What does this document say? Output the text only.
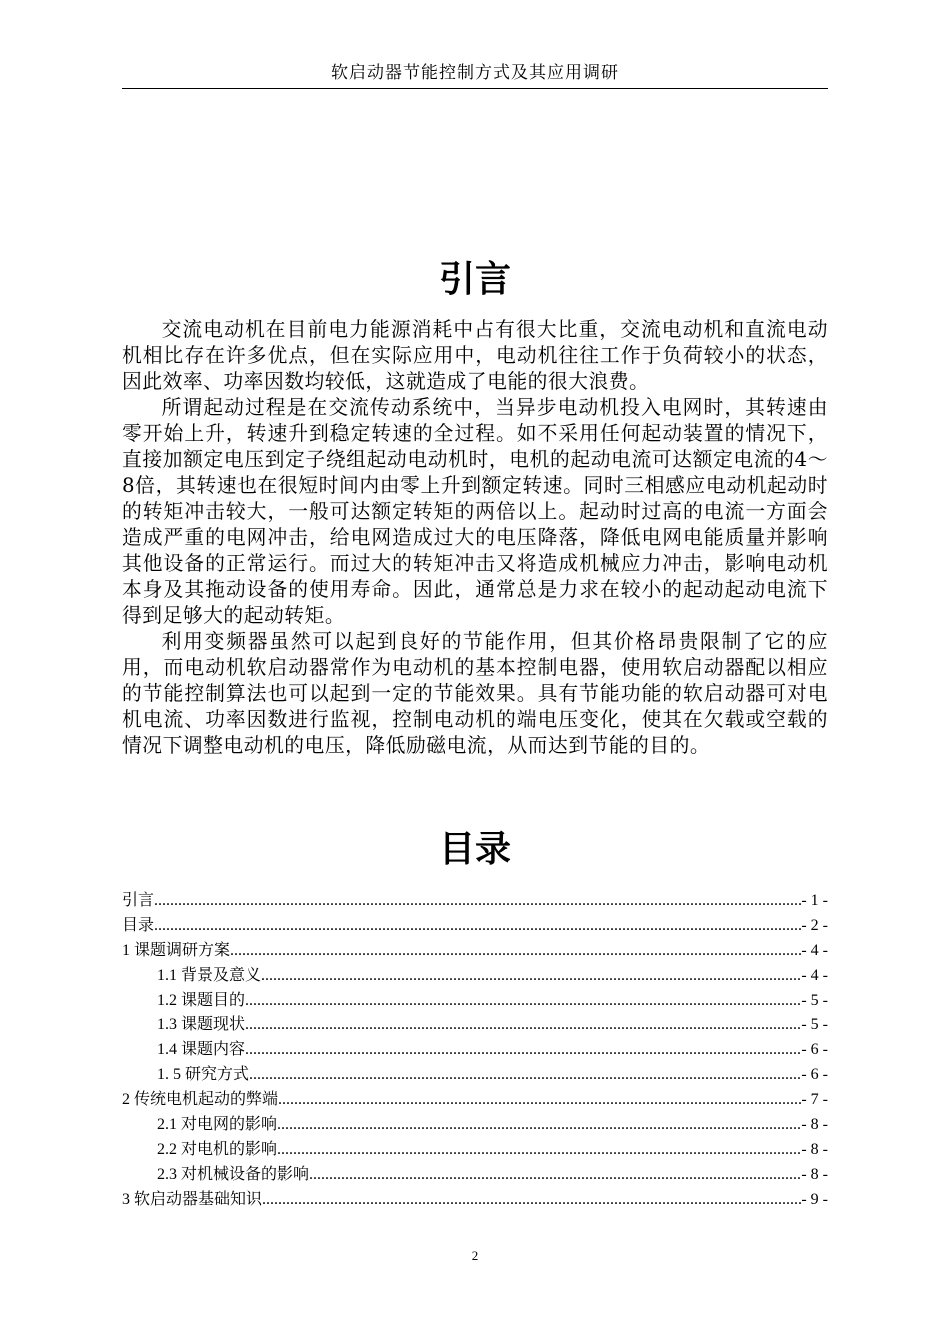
软启动器节能控制方式及其应用调研
引言

交流电动机在目前电力能源消耗中占有很大比重，交流电动机和直流电动机相比存在许多优点，但在实际应用中，电动机往往工作于负荷较小的状态，因此效率、功率因数均较低，这就造成了电能的很大浪费。

所谓起动过程是在交流传动系统中，当异步电动机投入电网时，其转速由零开始上升，转速升到稳定转速的全过程。如不采用任何起动装置的情况下，直接加额定电压到定子绕组起动电动机时，电机的起动电流可达额定电流的4～8倍，其转速也在很短时间内由零上升到额定转速。同时三相感应电动机起动时的转矩冲击较大，一般可达额定转矩的两倍以上。起动时过高的电流一方面会造成严重的电网冲击，给电网造成过大的电压降落，降低电网电能质量并影响其他设备的正常运行。而过大的转矩冲击又将造成机械应力冲击，影响电动机本身及其拖动设备的使用寿命。因此，通常总是力求在较小的起动起动电流下得到足够大的起动转矩。

利用变频器虽然可以起到良好的节能作用，但其价格昂贵限制了它的应用，而电动机软启动器常作为电动机的基本控制电器，使用软启动器配以相应的节能控制算法也可以起到一定的节能效果。具有节能功能的软启动器可对电机电流、功率因数进行监视，控制电动机的端电压变化，使其在欠载或空载的情况下调整电动机的电压，降低励磁电流，从而达到节能的目的。

目录
引言 .....	- 1 -
目录 .....	- 2 -
1 课题调研方案 .....	- 4 -
1.1 背景及意义 .....	- 4 -
1.2 课题目的 .....	- 5 -
1.3 课题现状 .....	- 5 -
1.4 课题内容 .....	- 6 -
1. 5 研究方式 .....	- 6 -
2 传统电机起动的弊端 .....	- 7 -
2.1 对电网的影响 .....	- 8 -
2.2 对电机的影响 .....	- 8 -
2.3 对机械设备的影响 .....	- 8 -
3 软启动器基础知识 .....	- 9 -
2
